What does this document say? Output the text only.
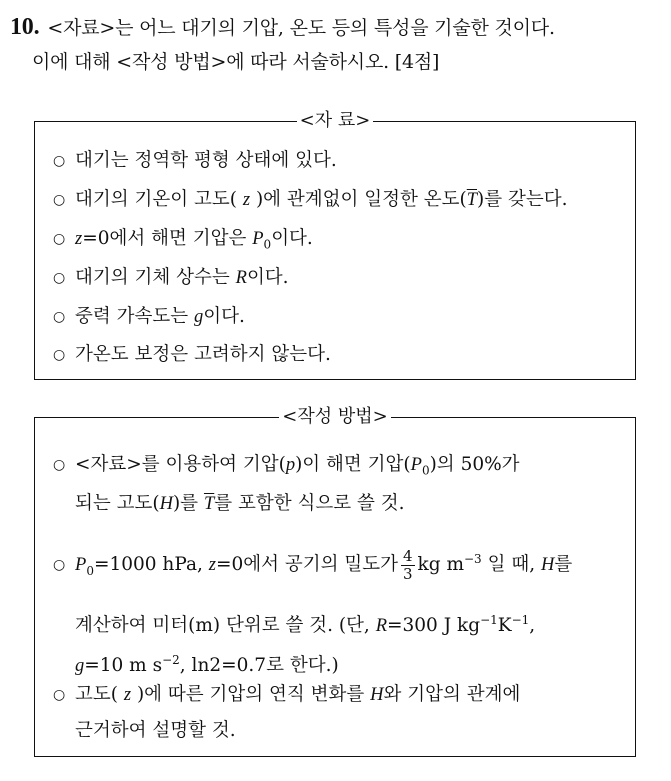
10. <자료>는 어느 대기의 기압, 온도 등의 특성을 기술한 것이다.
이에 대해 <작성 방법>에 따라 서술하시오. [4점]
<자 료>
○ 대기는 정역학 평형 상태에 있다.
○ 대기의 기온이 고도( z )에 관계없이 일정한 온도$(\overline{T})$를 갖는다.
○ z=0에서 해면 기압은 $P_0$이다.
○ 대기의 기체 상수는 R이다.
○ 중력 가속도는 g이다.
○ 가온도 보정은 고려하지 않는다.
<작성 방법>
○ <자료>를 이용하여 기압(p)이 해면 기압$(P_0)$의 50%가
되는 고도(H)를 $\overline{T}$를 포함한 식으로 쓸 것.
○ $P_0=1000$ hPa, z=0에서 공기의 밀도가 $\frac{4}{3}$ kg $m^{-3}$ 일 때, H를
계산하여 미터(m) 단위로 쓸 것. (단, R=300 J $kg^{-1}K^{-1}$,
g=10 m $s^{-2}$, ln2=0.7로 한다.)
○ 고도( z )에 따른 기압의 연직 변화를 H와 기압의 관계에
근거하여 설명할 것.
